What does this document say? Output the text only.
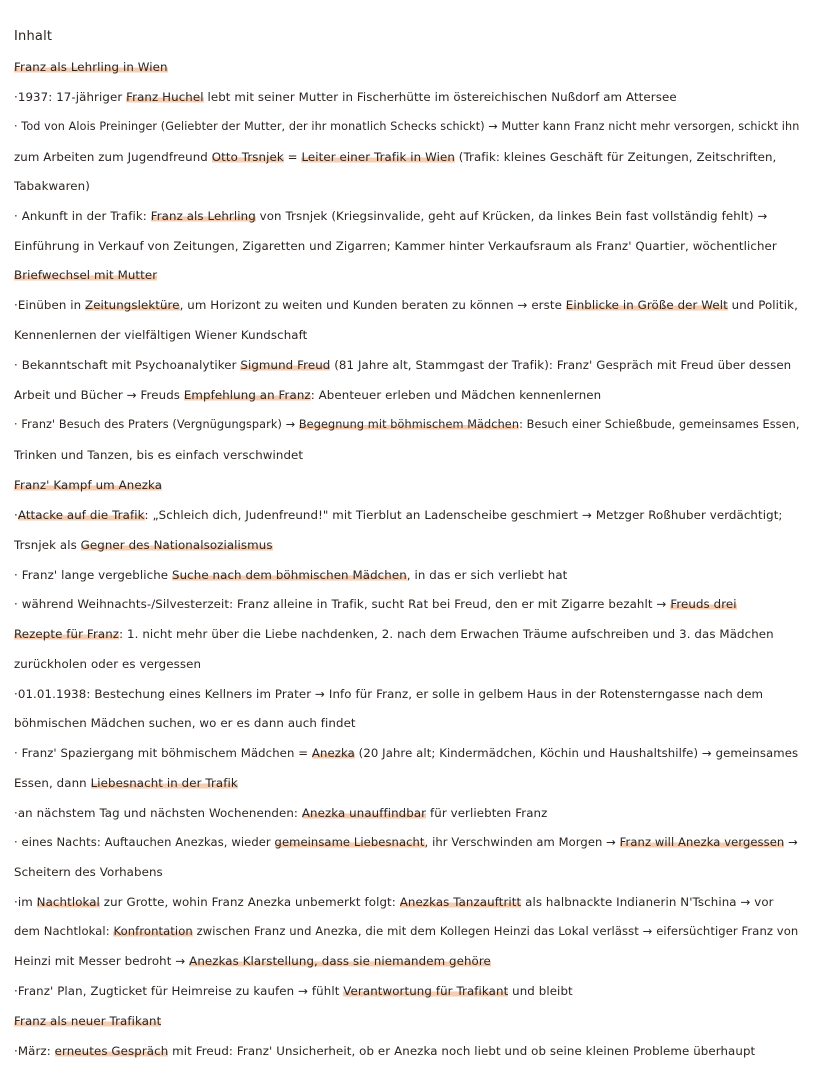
Inhalt
Franz als Lehrling in Wien
·1937: 17-jähriger Franz Huchel lebt mit seiner Mutter in Fischerhütte im östereichischen Nußdorf am Attersee
· Tod von Alois Preininger (Geliebter der Mutter, der ihr monatlich Schecks schickt) → Mutter kann Franz nicht mehr versorgen, schickt ihn
zum Arbeiten zum Jugendfreund Otto Trsnjek = Leiter einer Trafik in Wien (Trafik: kleines Geschäft für Zeitungen, Zeitschriften,
Tabakwaren)
· Ankunft in der Trafik: Franz als Lehrling von Trsnjek (Kriegsinvalide, geht auf Krücken, da linkes Bein fast vollständig fehlt) →
Einführung in Verkauf von Zeitungen, Zigaretten und Zigarren; Kammer hinter Verkaufsraum als Franz' Quartier, wöchentlicher
Briefwechsel mit Mutter
·Einüben in Zeitungslektüre, um Horizont zu weiten und Kunden beraten zu können → erste Einblicke in Größe der Welt und Politik,
Kennenlernen der vielfältigen Wiener Kundschaft
· Bekanntschaft mit Psychoanalytiker Sigmund Freud (81 Jahre alt, Stammgast der Trafik): Franz' Gespräch mit Freud über dessen
Arbeit und Bücher → Freuds Empfehlung an Franz: Abenteuer erleben und Mädchen kennenlernen
· Franz' Besuch des Praters (Vergnügungspark) → Begegnung mit böhmischem Mädchen: Besuch einer Schießbude, gemeinsames Essen,
Trinken und Tanzen, bis es einfach verschwindet
Franz' Kampf um Anezka
·Attacke auf die Trafik: „Schleich dich, Judenfreund!" mit Tierblut an Ladenscheibe geschmiert → Metzger Roßhuber verdächtigt;
Trsnjek als Gegner des Nationalsozialismus
· Franz' lange vergebliche Suche nach dem böhmischen Mädchen, in das er sich verliebt hat
· während Weihnachts-/Silvesterzeit: Franz alleine in Trafik, sucht Rat bei Freud, den er mit Zigarre bezahlt → Freuds drei
Rezepte für Franz: 1. nicht mehr über die Liebe nachdenken, 2. nach dem Erwachen Träume aufschreiben und 3. das Mädchen
zurückholen oder es vergessen
·01.01.1938: Bestechung eines Kellners im Prater → Info für Franz, er solle in gelbem Haus in der Rotensterngasse nach dem
böhmischen Mädchen suchen, wo er es dann auch findet
· Franz' Spaziergang mit böhmischem Mädchen = Anezka (20 Jahre alt; Kindermädchen, Köchin und Haushaltshilfe) → gemeinsames
Essen, dann Liebesnacht in der Trafik
·an nächstem Tag und nächsten Wochenenden: Anezka unauffindbar für verliebten Franz
· eines Nachts: Auftauchen Anezkas, wieder gemeinsame Liebesnacht, ihr Verschwinden am Morgen → Franz will Anezka vergessen →
Scheitern des Vorhabens
·im Nachtlokal zur Grotte, wohin Franz Anezka unbemerkt folgt: Anezkas Tanzauftritt als halbnackte Indianerin N'Tschina → vor
dem Nachtlokal: Konfrontation zwischen Franz und Anezka, die mit dem Kollegen Heinzi das Lokal verlässt → eifersüchtiger Franz von
Heinzi mit Messer bedroht → Anezkas Klarstellung, dass sie niemandem gehöre
·Franz' Plan, Zugticket für Heimreise zu kaufen → fühlt Verantwortung für Trafikant und bleibt
Franz als neuer Trafikant
·März: erneutes Gespräch mit Freud: Franz' Unsicherheit, ob er Anezka noch liebt und ob seine kleinen Probleme überhaupt
